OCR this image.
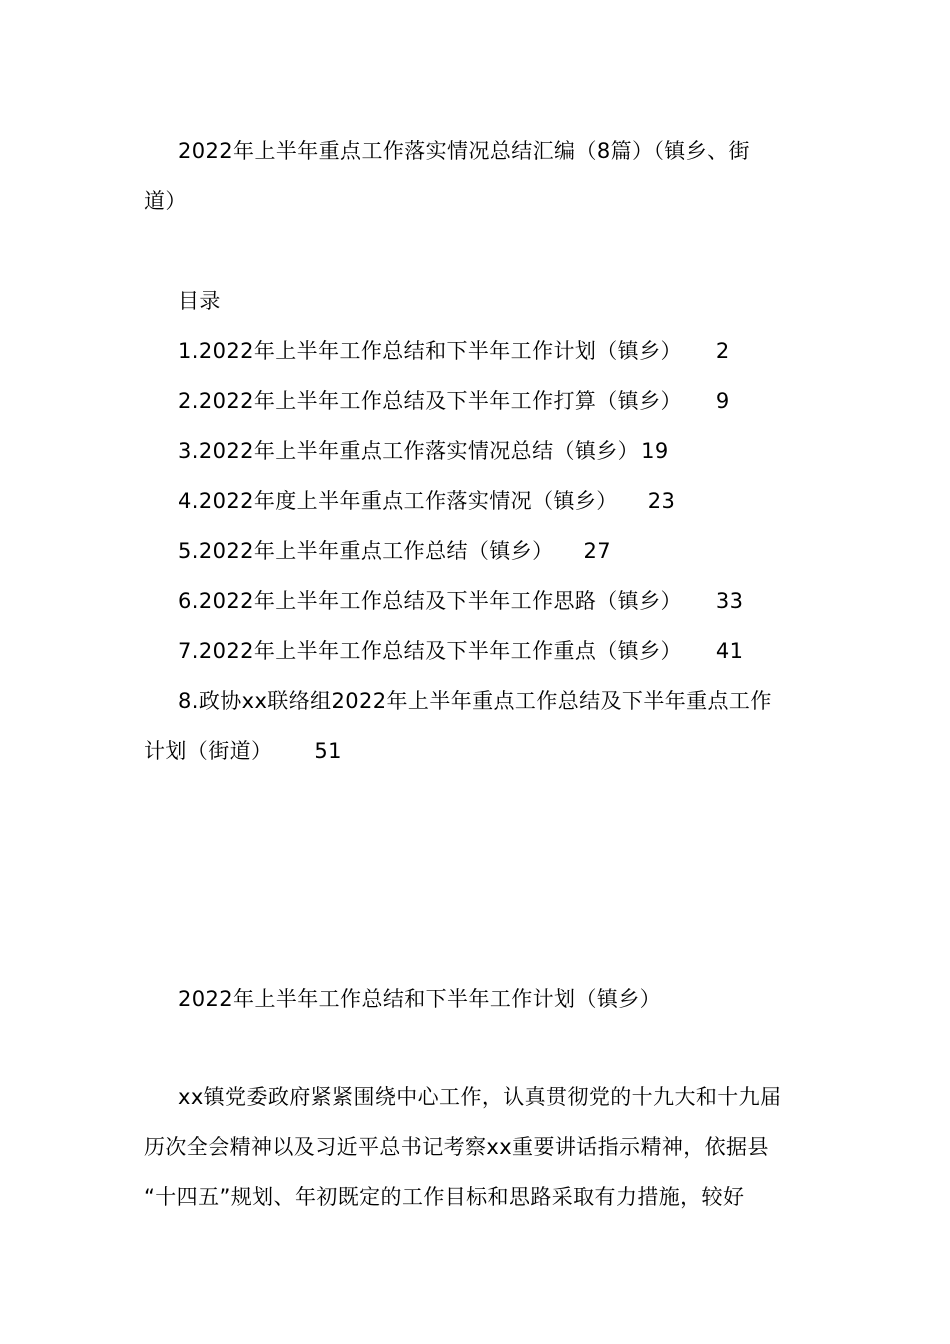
2022年上半年重点工作落实情况总结汇编（8篇）（镇乡、街
道）
目录
1.2022年上半年工作总结和下半年工作计划（镇乡） 2
2.2022年上半年工作总结及下半年工作打算（镇乡） 9
3.2022年上半年重点工作落实情况总结（镇乡）19
4.2022年度上半年重点工作落实情况（镇乡） 23
5.2022年上半年重点工作总结（镇乡） 27
6.2022年上半年工作总结及下半年工作思路（镇乡） 33
7.2022年上半年工作总结及下半年工作重点（镇乡） 41
8.政协xx联络组2022年上半年重点工作总结及下半年重点工作
计划（街道） 51
2022年上半年工作总结和下半年工作计划（镇乡）
xx镇党委政府紧紧围绕中心工作，认真贯彻党的十九大和十九届
历次全会精神以及习近平总书记考察xx重要讲话指示精神，依据县
“十四五”规划、年初既定的工作目标和思路采取有力措施，较好
